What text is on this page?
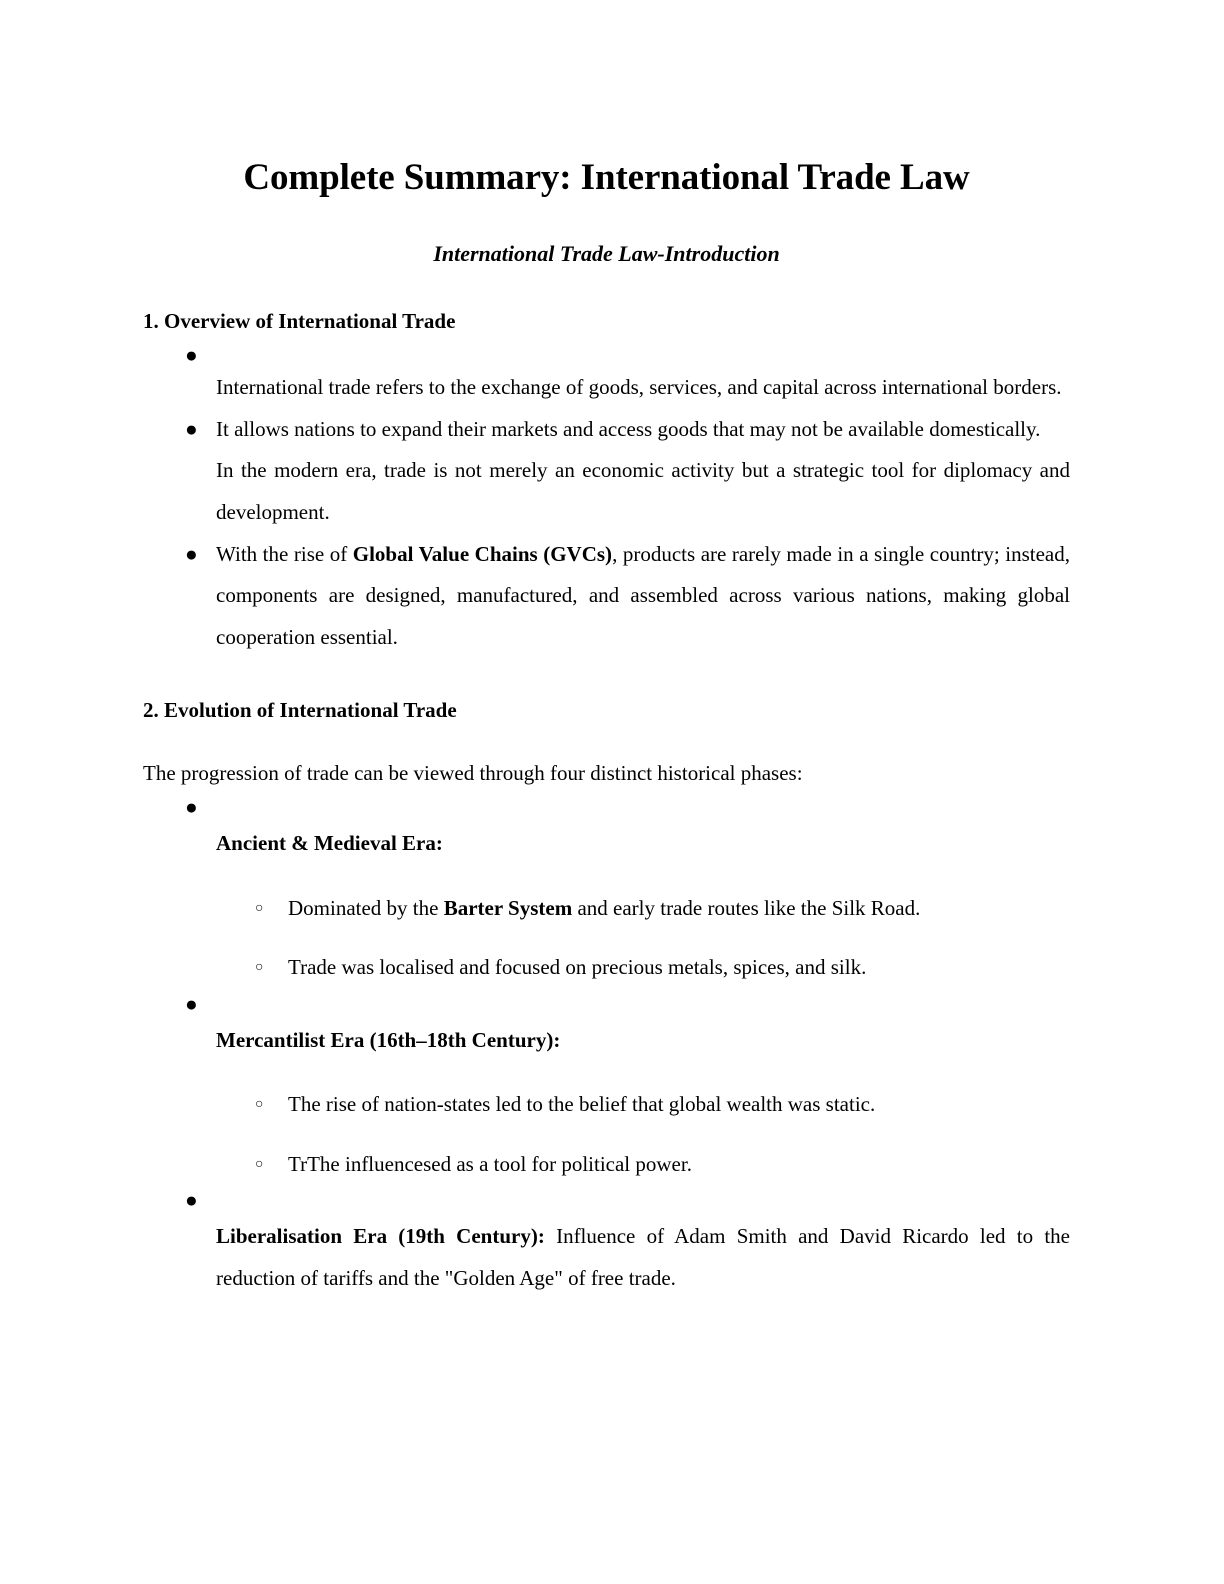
Complete Summary: International Trade Law

International Trade Law-Introduction

1. Overview of International Trade
●
International trade refers to the exchange of goods, services, and capital across international borders.
● It allows nations to expand their markets and access goods that may not be available domestically.
In the modern era, trade is not merely an economic activity but a strategic tool for diplomacy and development.
● With the rise of Global Value Chains (GVCs), products are rarely made in a single country; instead, components are designed, manufactured, and assembled across various nations, making global cooperation essential.
2. Evolution of International Trade

The progression of trade can be viewed through four distinct historical phases:

●
Ancient & Medieval Era:
○ Dominated by the Barter System and early trade routes like the Silk Road.
○ Trade was localised and focused on precious metals, spices, and silk.
●
Mercantilist Era (16th–18th Century):
○ The rise of nation-states led to the belief that global wealth was static.
○ TrThe influencesed as a tool for political power.
●
Liberalisation Era (19th Century): Influence of Adam Smith and David Ricardo led to the reduction of tariffs and the "Golden Age" of free trade.
